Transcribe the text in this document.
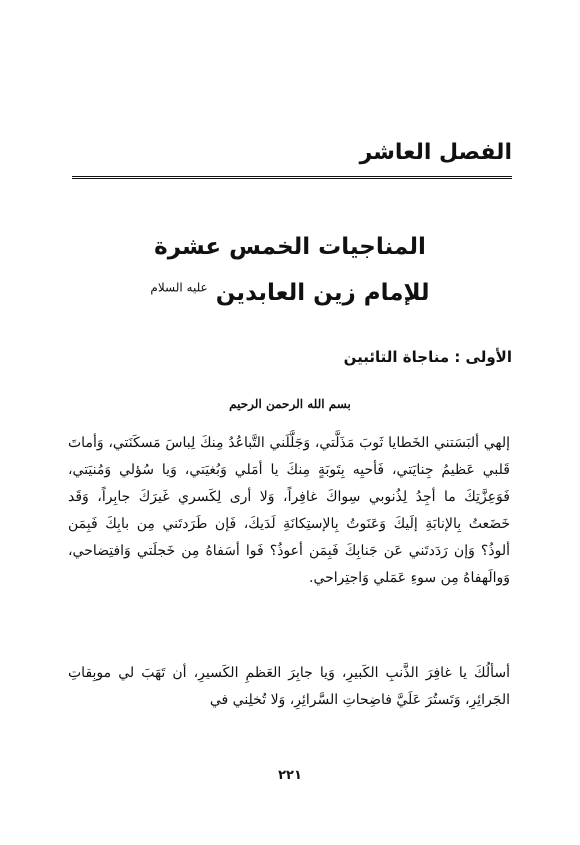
الفصل العاشر
المناجيات الخمس عشرة
للإمام زين العابدين $^{عليه السلام}$
الأولى : مناجاة التائبين
بسم الله الرحمن الرحيم
إلهي ألبَسَتني الخَطايا ثَوبَ مَذَلَّتي، وَجَلَّلَني التَّباعُدُ مِنكَ لِباسَ مَسكَنَتي، وَأماتَ قَلبي عَظيمُ جِنايَتي، فَأحيِه بِتَوبَةٍ مِنكَ يا أمَلي وَبُغيَتي، وَيا سُؤلي وَمُنيَتي، فَوَعِزَّتِكَ ما أجِدُ لِذُنوبي سِواكَ غافِراً، وَلا أرى لِكَسري غَيرَكَ جابِراً، وَقَد خَضَعتُ بِالإنابَةِ إلَيكَ وَعَنَوتُ بِالإستِكانَةِ لَدَيكَ، فَإن طَرَدتَني مِن بابِكَ فَبِمَن ألوذُ؟ وَإن رَدَدتَني عَن جَنابِكَ فَبِمَن أعوذُ؟ فَوا أسَفاهُ مِن خَجلَتي وَافتِضاحي، وَوالَهفاهُ مِن سوءِ عَمَلي وَاجتِراحي.
أسألُكَ يا غافِرَ الذَّنبِ الكَبيرِ، وَيا جابِرَ العَظمِ الكَسيرِ، أن تَهَبَ لي موبِقاتِ الجَرائِرِ، وَتَستُرَ عَلَيَّ فاضِحاتِ السَّرائِرِ، وَلا تُخلِني في
٢٢١
